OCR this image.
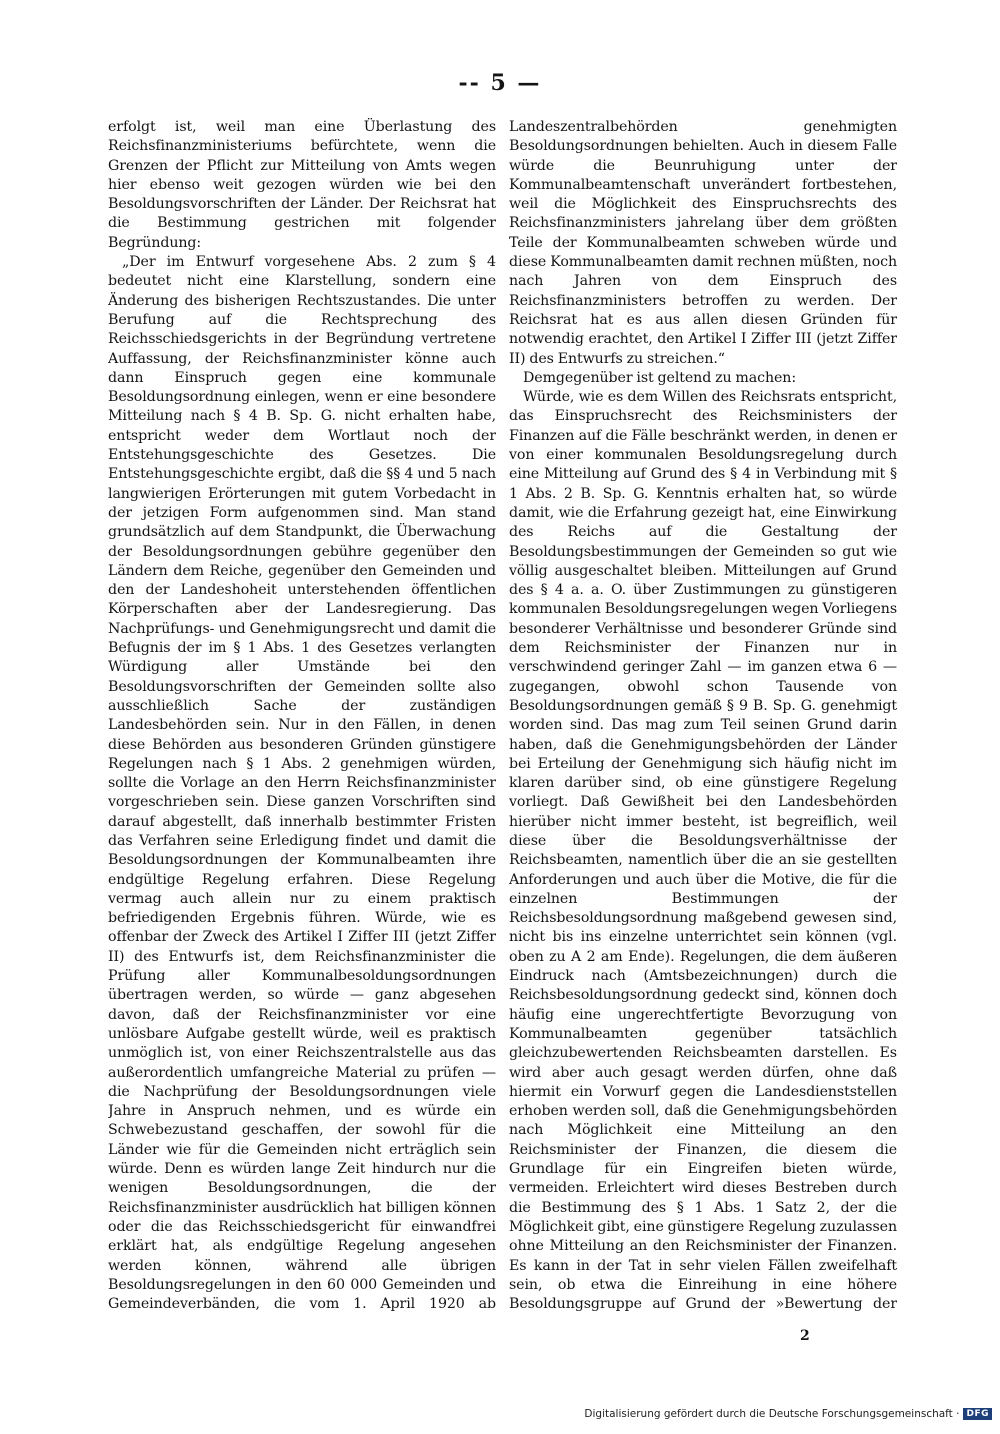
-- 5 —

erfolgt ist, weil man eine Überlastung des Reichsfinanzministeriums befürchtete, wenn die Grenzen der Pflicht zur Mitteilung von Amts wegen hier ebenso weit gezogen würden wie bei den Besoldungsvorschriften der Länder. Der Reichsrat hat die Bestimmung gestrichen mit folgender Begründung:

„Der im Entwurf vorgesehene Abs. 2 zum § 4 bedeutet nicht eine Klarstellung, sondern eine Änderung des bisherigen Rechtszustandes. Die unter Berufung auf die Rechtsprechung des Reichsschiedsgerichts in der Begründung vertretene Auffassung, der Reichsfinanzminister könne auch dann Einspruch gegen eine kommunale Besoldungsordnung einlegen, wenn er eine besondere Mitteilung nach § 4 B. Sp. G. nicht erhalten habe, entspricht weder dem Wortlaut noch der Entstehungsgeschichte des Gesetzes. Die Entstehungsgeschichte ergibt, daß die §§ 4 und 5 nach langwierigen Erörterungen mit gutem Vorbedacht in der jetzigen Form aufgenommen sind. Man stand grundsätzlich auf dem Standpunkt, die Überwachung der Besoldungsordnungen gebühre gegenüber den Ländern dem Reiche, gegenüber den Gemeinden und den der Landeshoheit unterstehenden öffentlichen Körperschaften aber der Landesregierung. Das Nachprüfungs- und Genehmigungsrecht und damit die Befugnis der im § 1 Abs. 1 des Gesetzes verlangten Würdigung aller Umstände bei den Besoldungsvorschriften der Gemeinden sollte also ausschließlich Sache der zuständigen Landesbehörden sein. Nur in den Fällen, in denen diese Behörden aus besonderen Gründen günstigere Regelungen nach § 1 Abs. 2 genehmigen würden, sollte die Vorlage an den Herrn Reichsfinanzminister vorgeschrieben sein. Diese ganzen Vorschriften sind darauf abgestellt, daß innerhalb bestimmter Fristen das Verfahren seine Erledigung findet und damit die Besoldungsordnungen der Kommunalbeamten ihre endgültige Regelung erfahren. Diese Regelung vermag auch allein nur zu einem praktisch befriedigenden Ergebnis führen. Würde, wie es offenbar der Zweck des Artikel I Ziffer III (jetzt Ziffer II) des Entwurfs ist, dem Reichsfinanzminister die Prüfung aller Kommunalbesoldungsordnungen übertragen werden, so würde — ganz abgesehen davon, daß der Reichsfinanzminister vor eine unlösbare Aufgabe gestellt würde, weil es praktisch unmöglich ist, von einer Reichszentralstelle aus das außerordentlich umfangreiche Material zu prüfen — die Nachprüfung der Besoldungsordnungen viele Jahre in Anspruch nehmen, und es würde ein Schwebezustand geschaffen, der sowohl für die Länder wie für die Gemeinden nicht erträglich sein würde. Denn es würden lange Zeit hindurch nur die wenigen Besoldungsordnungen, die der Reichsfinanzminister ausdrücklich hat billigen können oder die das Reichsschiedsgericht für einwandfrei erklärt hat, als endgültige Regelung angesehen werden können, während alle übrigen Besoldungsregelungen in den 60 000 Gemeinden und Gemeindeverbänden, die vom 1. April 1920 ab

Landeszentralbehörden genehmigten Besoldungsordnungen behielten. Auch in diesem Falle würde die Beunruhigung unter der Kommunalbeamtenschaft unverändert fortbestehen, weil die Möglichkeit des Einspruchsrechts des Reichsfinanzministers jahrelang über dem größten Teile der Kommunalbeamten schweben würde und diese Kommunalbeamten damit rechnen müßten, noch nach Jahren von dem Einspruch des Reichsfinanzministers betroffen zu werden. Der Reichsrat hat es aus allen diesen Gründen für notwendig erachtet, den Artikel I Ziffer III (jetzt Ziffer II) des Entwurfs zu streichen.“

Demgegenüber ist geltend zu machen:

Würde, wie es dem Willen des Reichsrats entspricht, das Einspruchsrecht des Reichsministers der Finanzen auf die Fälle beschränkt werden, in denen er von einer kommunalen Besoldungsregelung durch eine Mitteilung auf Grund des § 4 in Verbindung mit § 1 Abs. 2 B. Sp. G. Kenntnis erhalten hat, so würde damit, wie die Erfahrung gezeigt hat, eine Einwirkung des Reichs auf die Gestaltung der Besoldungsbestimmungen der Gemeinden so gut wie völlig ausgeschaltet bleiben. Mitteilungen auf Grund des § 4 a. a. O. über Zustimmungen zu günstigeren kommunalen Besoldungsregelungen wegen Vorliegens besonderer Verhältnisse und besonderer Gründe sind dem Reichsminister der Finanzen nur in verschwindend geringer Zahl — im ganzen etwa 6 — zugegangen, obwohl schon Tausende von Besoldungsordnungen gemäß § 9 B. Sp. G. genehmigt worden sind. Das mag zum Teil seinen Grund darin haben, daß die Genehmigungsbehörden der Länder bei Erteilung der Genehmigung sich häufig nicht im klaren darüber sind, ob eine günstigere Regelung vorliegt. Daß Gewißheit bei den Landesbehörden hierüber nicht immer besteht, ist begreiflich, weil diese über die Besoldungsverhältnisse der Reichsbeamten, namentlich über die an sie gestellten Anforderungen und auch über die Motive, die für die einzelnen Bestimmungen der Reichsbesoldungsordnung maßgebend gewesen sind, nicht bis ins einzelne unterrichtet sein können (vgl. oben zu A 2 am Ende). Regelungen, die dem äußeren Eindruck nach (Amtsbezeichnungen) durch die Reichsbesoldungsordnung gedeckt sind, können doch häufig eine ungerechtfertigte Bevorzugung von Kommunalbeamten gegenüber tatsächlich gleichzubewertenden Reichsbeamten darstellen. Es wird aber auch gesagt werden dürfen, ohne daß hiermit ein Vorwurf gegen die Landesdienststellen erhoben werden soll, daß die Genehmigungsbehörden nach Möglichkeit eine Mitteilung an den Reichsminister der Finanzen, die diesem die Grundlage für ein Eingreifen bieten würde, vermeiden. Erleichtert wird dieses Bestreben durch die Bestimmung des § 1 Abs. 1 Satz 2, der die Möglichkeit gibt, eine günstigere Regelung zuzulassen ohne Mitteilung an den Reichsminister der Finanzen. Es kann in der Tat in sehr vielen Fällen zweifelhaft sein, ob etwa die Einreihung in eine höhere Besoldungsgruppe auf Grund der »Bewertung der

2
Digitalisierung gefördert durch die Deutsche Forschungsgemeinschaft · DFG
